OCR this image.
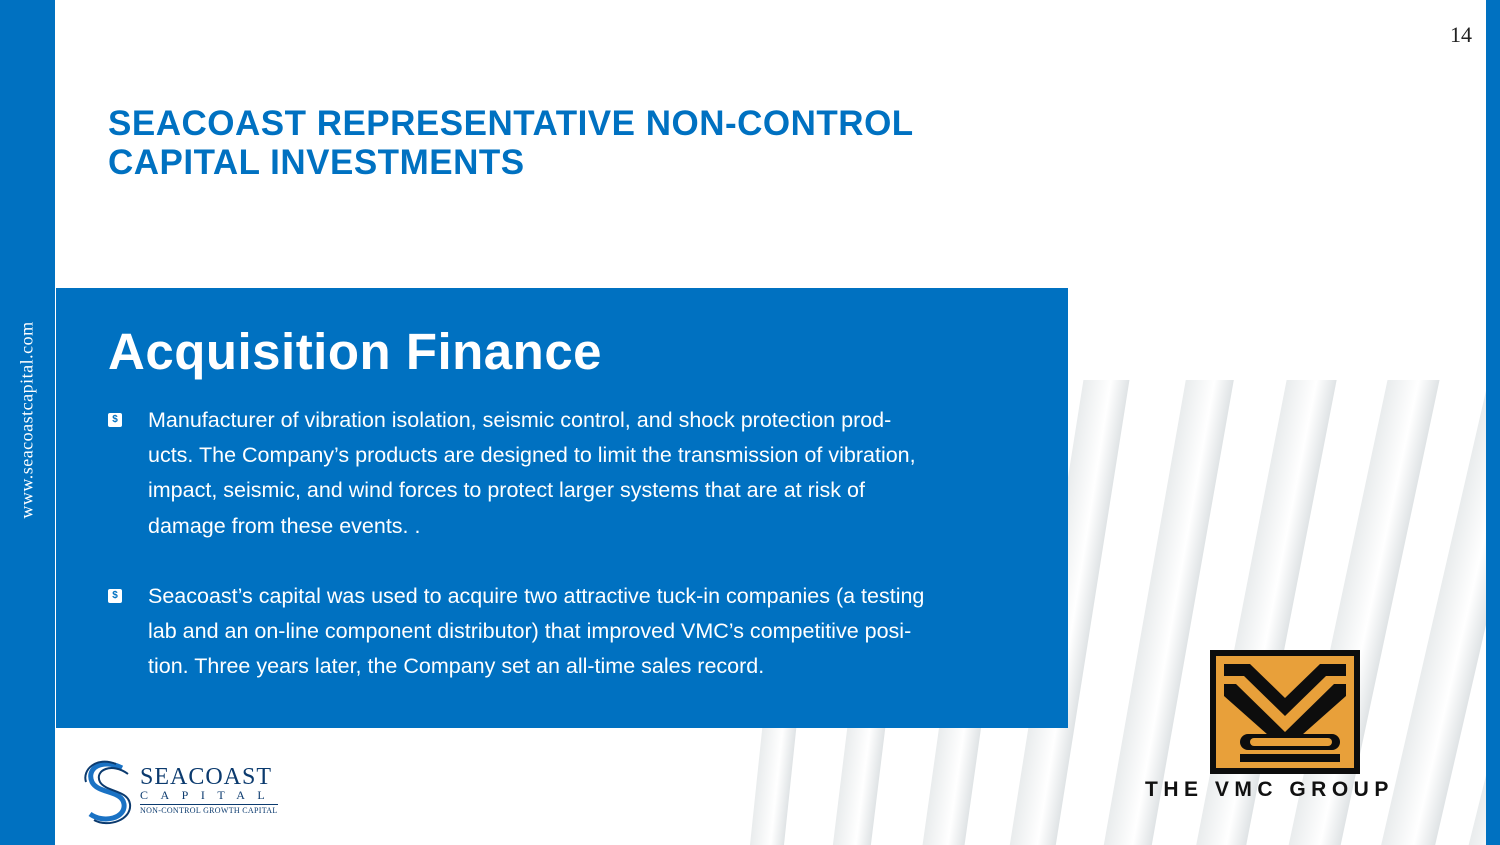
www.seacoastcapital.com
14
SEACOAST REPRESENTATIVE NON-CONTROL
CAPITAL INVESTMENTS
Acquisition Finance
$ Manufacturer of vibration isolation, seismic control, and shock protection prod-
ucts. The Company’s products are designed to limit the transmission of vibration,
impact, seismic, and wind forces to protect larger systems that are at risk of
damage from these events. .
$ Seacoast’s capital was used to acquire two attractive tuck-in companies (a testing
lab and an on-line component distributor) that improved VMC’s competitive posi-
tion. Three years later, the Company set an all-time sales record.
SEACOAST
CAPITAL
NON-CONTROL GROWTH CAPITAL
THE VMC GROUP
